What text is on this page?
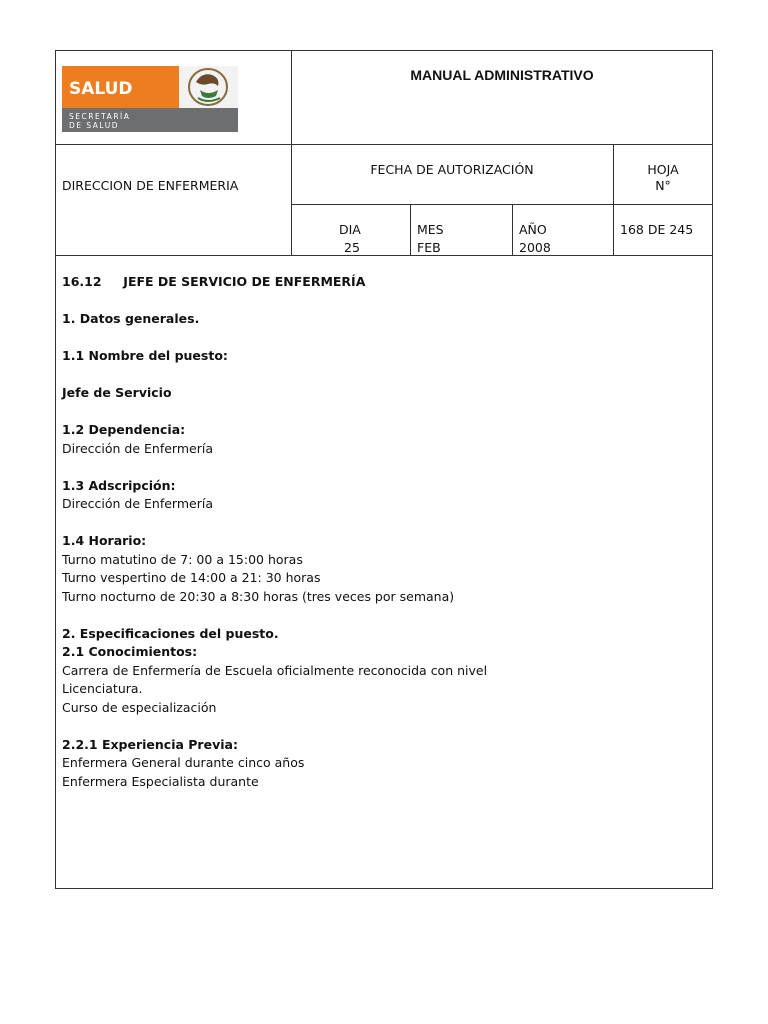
SALUD
SECRETARÍA
DE SALUD
MANUAL ADMINISTRATIVO
DIRECCION DE ENFERMERIA
FECHA DE AUTORIZACIÓN	HOJA
N°
DIA
25
MES
FEB
AÑO
2008
168 DE 245

16.12     JEFE DE SERVICIO DE ENFERMERÍA

1. Datos generales.

1.1 Nombre del puesto:

Jefe de Servicio

1.2 Dependencia:

Dirección de Enfermería

1.3 Adscripción:

Dirección de Enfermería

1.4 Horario:

Turno matutino de 7: 00 a 15:00 horas

Turno vespertino de 14:00 a 21: 30 horas

Turno nocturno de 20:30 a 8:30 horas (tres veces por semana)

2. Especificaciones del puesto.

2.1 Conocimientos:

Carrera de Enfermería de Escuela oficialmente reconocida con nivel

Licenciatura.

Curso de especialización

2.2.1 Experiencia Previa:

Enfermera General durante cinco años

Enfermera Especialista durante
